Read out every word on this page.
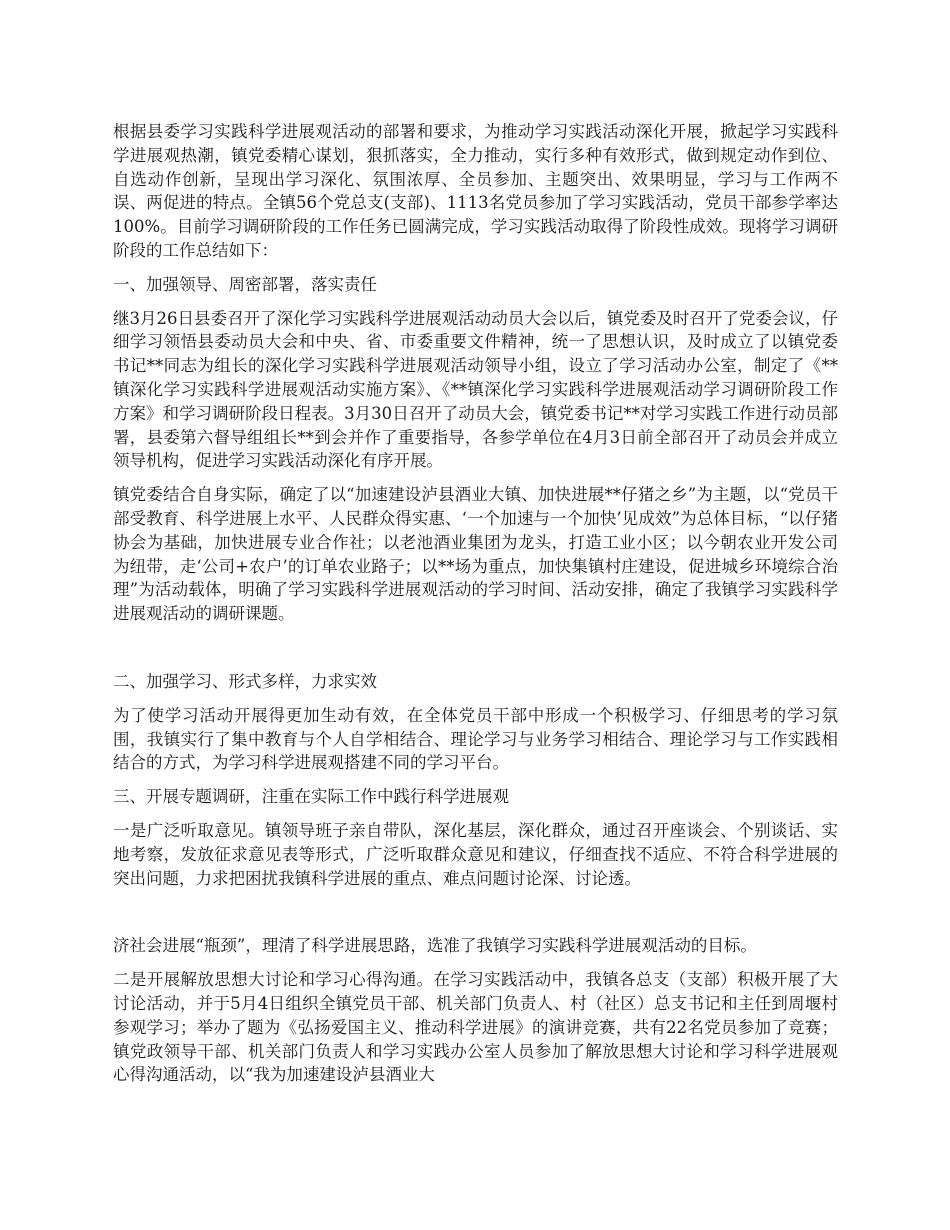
根据县委学习实践科学进展观活动的部署和要求，为推动学习实践活动深化开展，掀起学习实践科学进展观热潮，镇党委精心谋划，狠抓落实，全力推动，实行多种有效形式，做到规定动作到位、自选动作创新，呈现出学习深化、氛围浓厚、全员参加、主题突出、效果明显，学习与工作两不误、两促进的特点。全镇56个党总支(支部)、1113名党员参加了学习实践活动，党员干部参学率达100%。目前学习调研阶段的工作任务已圆满完成，学习实践活动取得了阶段性成效。现将学习调研阶段的工作总结如下：

一、加强领导、周密部署，落实责任

继3月26日县委召开了深化学习实践科学进展观活动动员大会以后，镇党委及时召开了党委会议，仔细学习领悟县委动员大会和中央、省、市委重要文件精神，统一了思想认识，及时成立了以镇党委书记**同志为组长的深化学习实践科学进展观活动领导小组，设立了学习活动办公室，制定了《**镇深化学习实践科学进展观活动实施方案》、《**镇深化学习实践科学进展观活动学习调研阶段工作方案》和学习调研阶段日程表。3月30日召开了动员大会，镇党委书记**对学习实践工作进行动员部署，县委第六督导组组长**到会并作了重要指导，各参学单位在4月3日前全部召开了动员会并成立领导机构，促进学习实践活动深化有序开展。

镇党委结合自身实际，确定了以“加速建设泸县酒业大镇、加快进展**仔猪之乡”为主题，以“党员干部受教育、科学进展上水平、人民群众得实惠、‘一个加速与一个加快’见成效”为总体目标，“以仔猪协会为基础，加快进展专业合作社；以老池酒业集团为龙头，打造工业小区；以今朝农业开发公司为纽带，走‘公司+农户’的订单农业路子；以**场为重点，加快集镇村庄建设，促进城乡环境综合治理”为活动载体，明确了学习实践科学进展观活动的学习时间、活动安排，确定了我镇学习实践科学进展观活动的调研课题。

二、加强学习、形式多样，力求实效

为了使学习活动开展得更加生动有效，在全体党员干部中形成一个积极学习、仔细思考的学习氛围，我镇实行了集中教育与个人自学相结合、理论学习与业务学习相结合、理论学习与工作实践相结合的方式，为学习科学进展观搭建不同的学习平台。

三、开展专题调研，注重在实际工作中践行科学进展观

一是广泛听取意见。镇领导班子亲自带队，深化基层，深化群众，通过召开座谈会、个别谈话、实地考察，发放征求意见表等形式，广泛听取群众意见和建议，仔细查找不适应、不符合科学进展的突出问题，力求把困扰我镇科学进展的重点、难点问题讨论深、讨论透。

济社会进展“瓶颈”，理清了科学进展思路，选准了我镇学习实践科学进展观活动的目标。

二是开展解放思想大讨论和学习心得沟通。在学习实践活动中，我镇各总支（支部）积极开展了大讨论活动，并于5月4日组织全镇党员干部、机关部门负责人、村（社区）总支书记和主任到周堰村参观学习；举办了题为《弘扬爱国主义、推动科学进展》的演讲竞赛，共有22名党员参加了竞赛；镇党政领导干部、机关部门负责人和学习实践办公室人员参加了解放思想大讨论和学习科学进展观心得沟通活动，以“我为加速建设泸县酒业大
